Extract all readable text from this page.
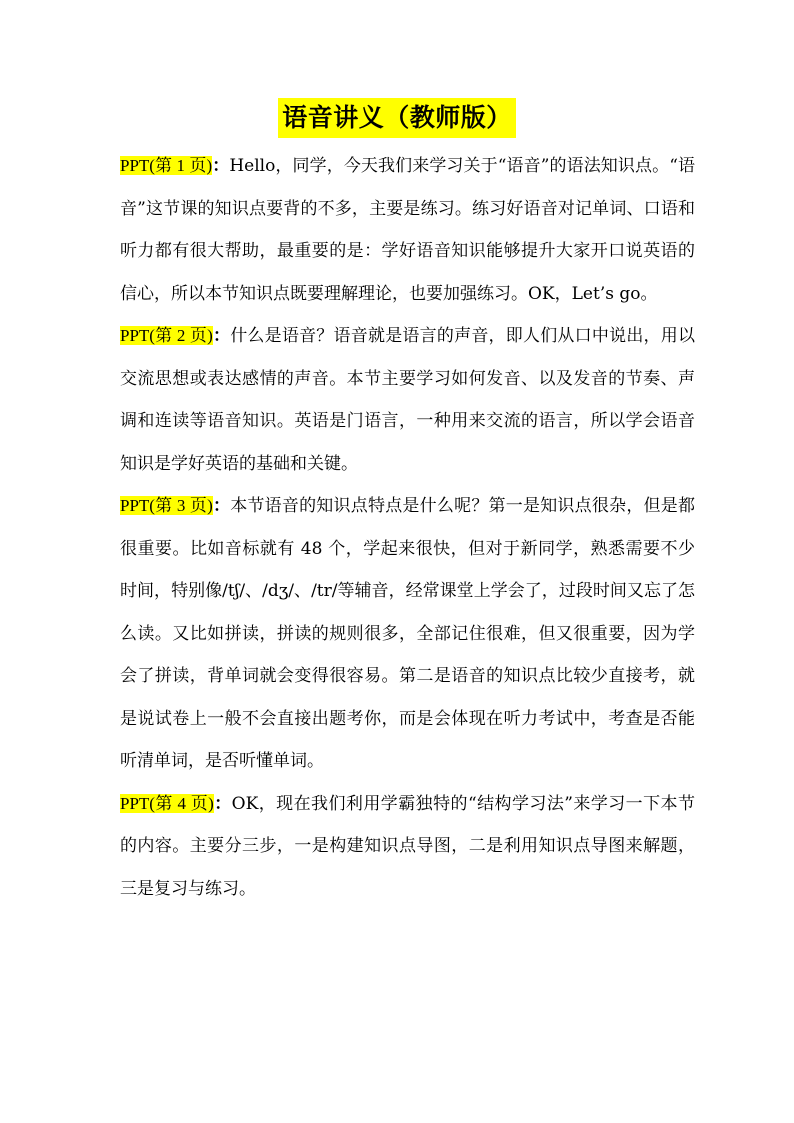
语音讲义（教师版）

PPT(第 1 页)：Hello，同学，今天我们来学习关于“语音”的语法知识点。“语音”这节课的知识点要背的不多，主要是练习。练习好语音对记单词、口语和听力都有很大帮助，最重要的是：学好语音知识能够提升大家开口说英语的信心，所以本节知识点既要理解理论，也要加强练习。OK，Let’s go。

PPT(第 2 页)：什么是语音？语音就是语言的声音，即人们从口中说出，用以交流思想或表达感情的声音。本节主要学习如何发音、以及发音的节奏、声调和连读等语音知识。英语是门语言，一种用来交流的语言，所以学会语音知识是学好英语的基础和关键。

PPT(第 3 页)：本节语音的知识点特点是什么呢？第一是知识点很杂，但是都很重要。比如音标就有 48 个，学起来很快，但对于新同学，熟悉需要不少时间，特别像/tʃ/、/dʒ/、/tr/等辅音，经常课堂上学会了，过段时间又忘了怎么读。又比如拼读，拼读的规则很多，全部记住很难，但又很重要，因为学会了拼读，背单词就会变得很容易。第二是语音的知识点比较少直接考，就是说试卷上一般不会直接出题考你，而是会体现在听力考试中，考查是否能听清单词，是否听懂单词。

PPT(第 4 页)：OK，现在我们利用学霸独特的“结构学习法”来学习一下本节的内容。主要分三步，一是构建知识点导图，二是利用知识点导图来解题，三是复习与练习。
